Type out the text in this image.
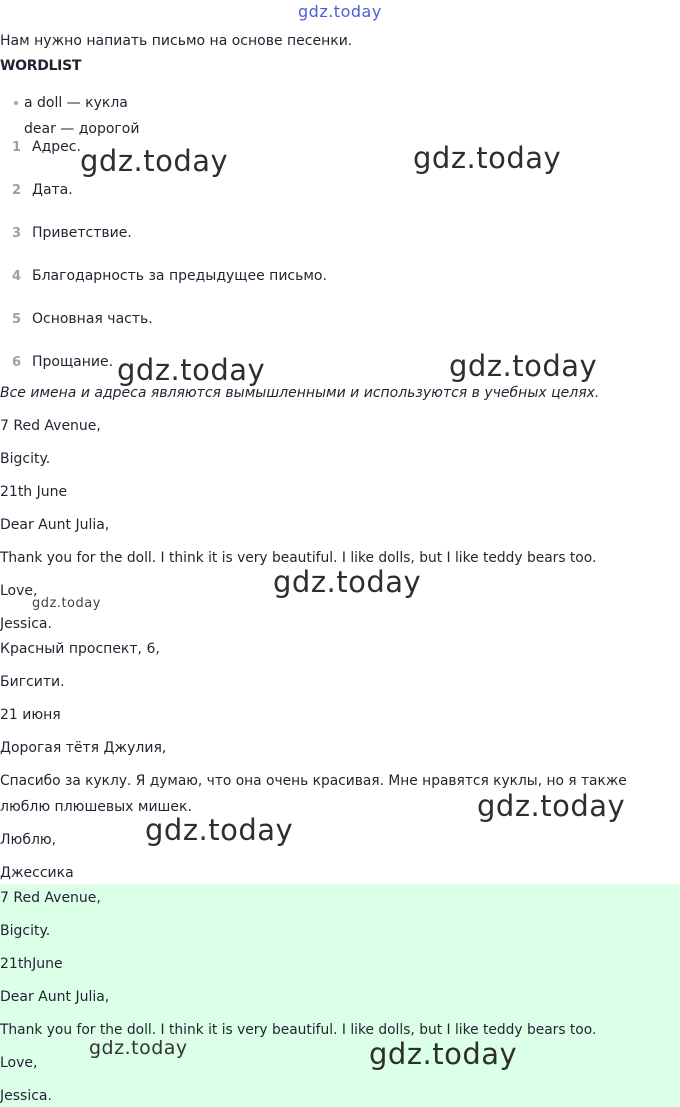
gdz.today
Нам нужно напиать письмо на основе песенки.
WORDLIST
a doll — кукла
dear — дорогой
1 Адрес.
2 Дата.
3 Приветствие.
4 Благодарность за предыдущее письмо.
5 Основная часть.
6 Прощание.
Все имена и адреса являются вымышленными и используются в учебных целях.
7 Red Avenue,
Bigcity.
21th June
Dear Aunt Julia,
Thank you for the doll. I think it is very beautiful. I like dolls, but I like teddy bears too.
Love,
Jessica.
Красный проспект, 6,
Бигсити.
21 июня
Дорогая тётя Джулия,
Спасибо за куклу. Я думаю, что она очень красивая. Мне нравятся куклы, но я также
люблю плюшевых мишек.
Люблю,
Джессика
7 Red Avenue,
Bigcity.
21thJune
Dear Aunt Julia,
Thank you for the doll. I think it is very beautiful. I like dolls, but I like teddy bears too.
Love,
Jessica.
gdz.today	gdz.today
gdz.today	gdz.today
gdz.today
gdz.today
gdz.today
gdz.today
gdz.today	gdz.today
